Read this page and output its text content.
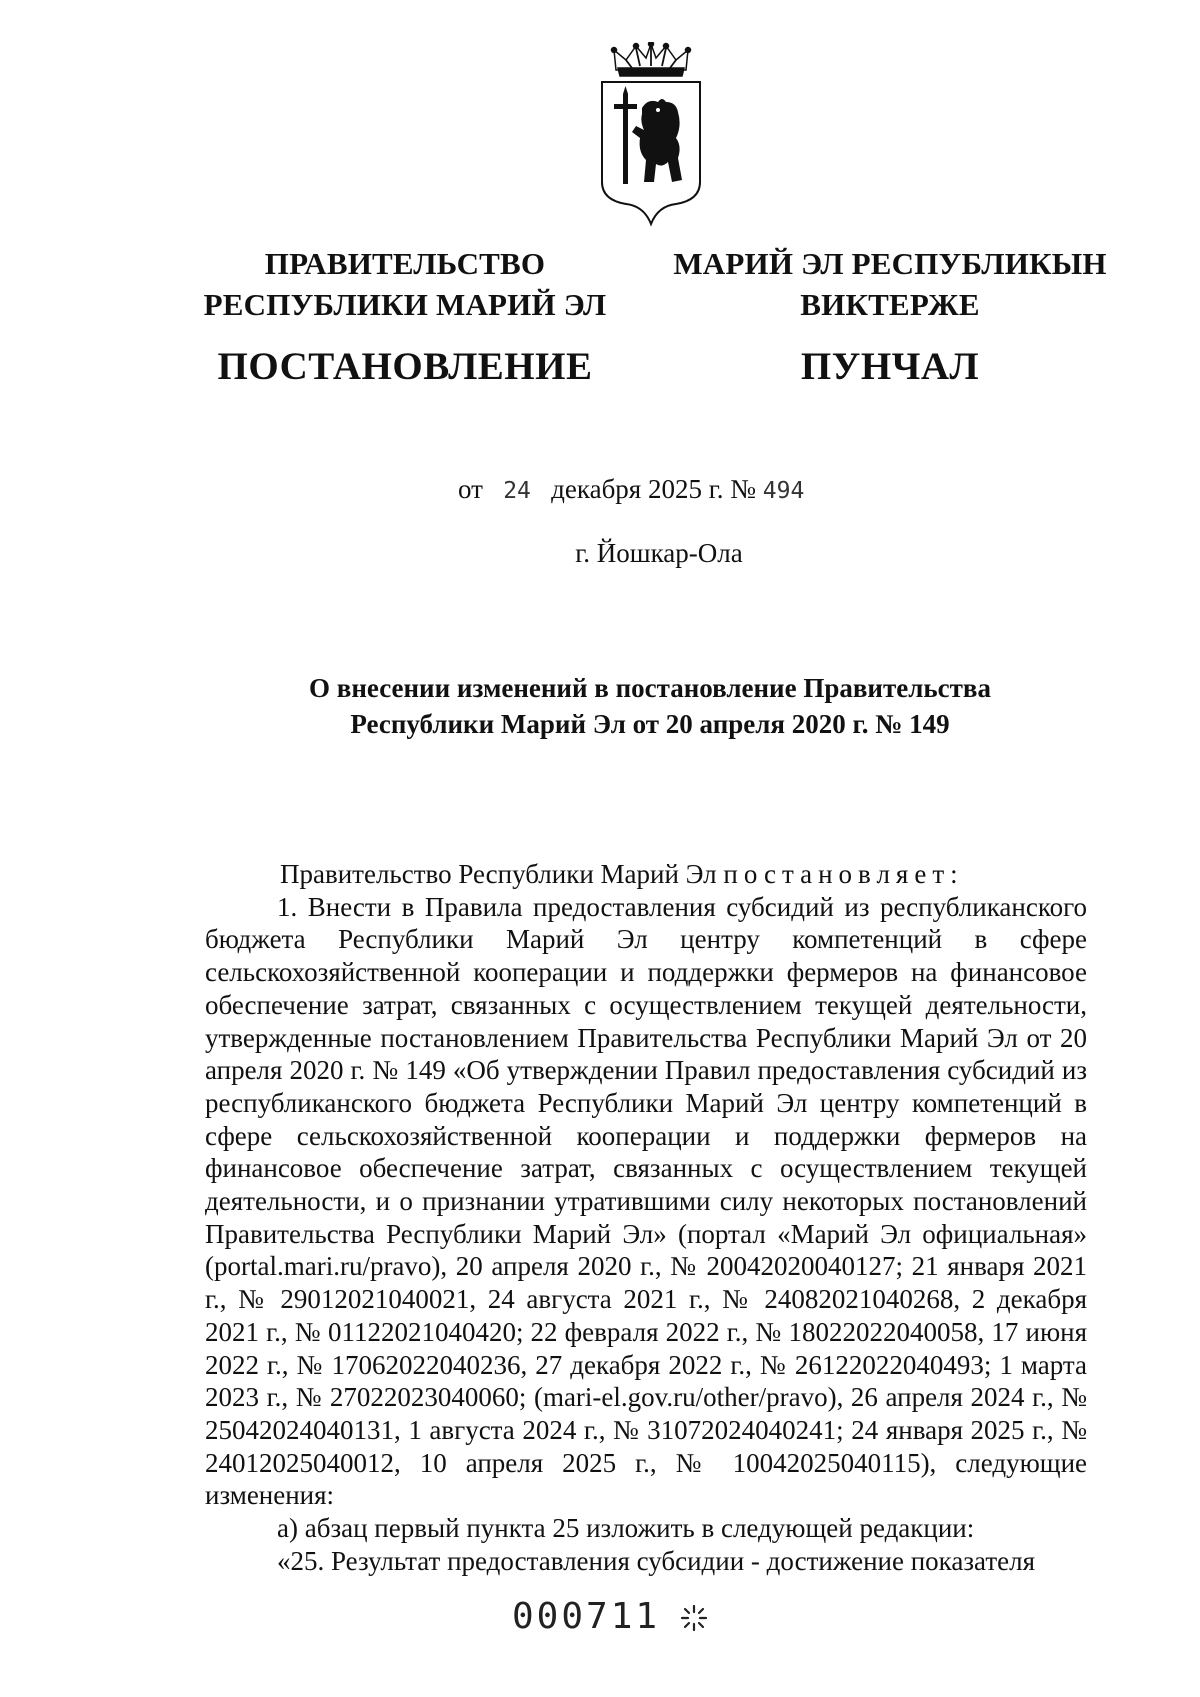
ПРАВИТЕЛЬСТВО
РЕСПУБЛИКИ МАРИЙ ЭЛ
ПОСТАНОВЛЕНИЕ
МАРИЙ ЭЛ РЕСПУБЛИКЫН
ВИКТЕРЖЕ
ПУНЧАЛ
от 24 декабря 2025 г. № 494
г. Йошкар-Ола
О внесении изменений в постановление Правительства
Республики Марий Эл от 20 апреля 2020 г. № 149

Правительство Республики Марий Эл постановляет:

1. Внести в Правила предоставления субсидий из республиканского бюджета Республики Марий Эл центру компетенций в сфере сельскохозяйственной кооперации и поддержки фермеров на финансовое обеспечение затрат, связанных с осуществлением текущей деятельности, утвержденные постановлением Правительства Республики Марий Эл от 20 апреля 2020 г. № 149 «Об утверждении Правил предоставления субсидий из республиканского бюджета Республики Марий Эл центру компетенций в сфере сельскохозяйственной кооперации и поддержки фермеров на финансовое обеспечение затрат, связанных с осуществлением текущей деятельности, и о признании утратившими силу некоторых постановлений Правительства Республики Марий Эл» (портал «Марий Эл официальная» (portal.mari.ru/pravo), 20 апреля 2020 г., № 20042020040127; 21 января 2021 г., № 29012021040021, 24 августа 2021 г., № 24082021040268, 2 декабря 2021 г., № 01122021040420; 22 февраля 2022 г., № 18022022040058, 17 июня 2022 г., № 17062022040236, 27 декабря 2022 г., № 26122022040493; 1 марта 2023 г., № 27022023040060; (mari-el.gov.ru/other/pravo), 26 апреля 2024 г., № 25042024040131, 1 августа 2024 г., № 31072024040241; 24 января 2025 г., № 24012025040012, 10 апреля 2025 г., № 10042025040115), следующие изменения:

а) абзац первый пункта 25 изложить в следующей редакции:

«25. Результат предоставления субсидии - достижение показателя

000711
